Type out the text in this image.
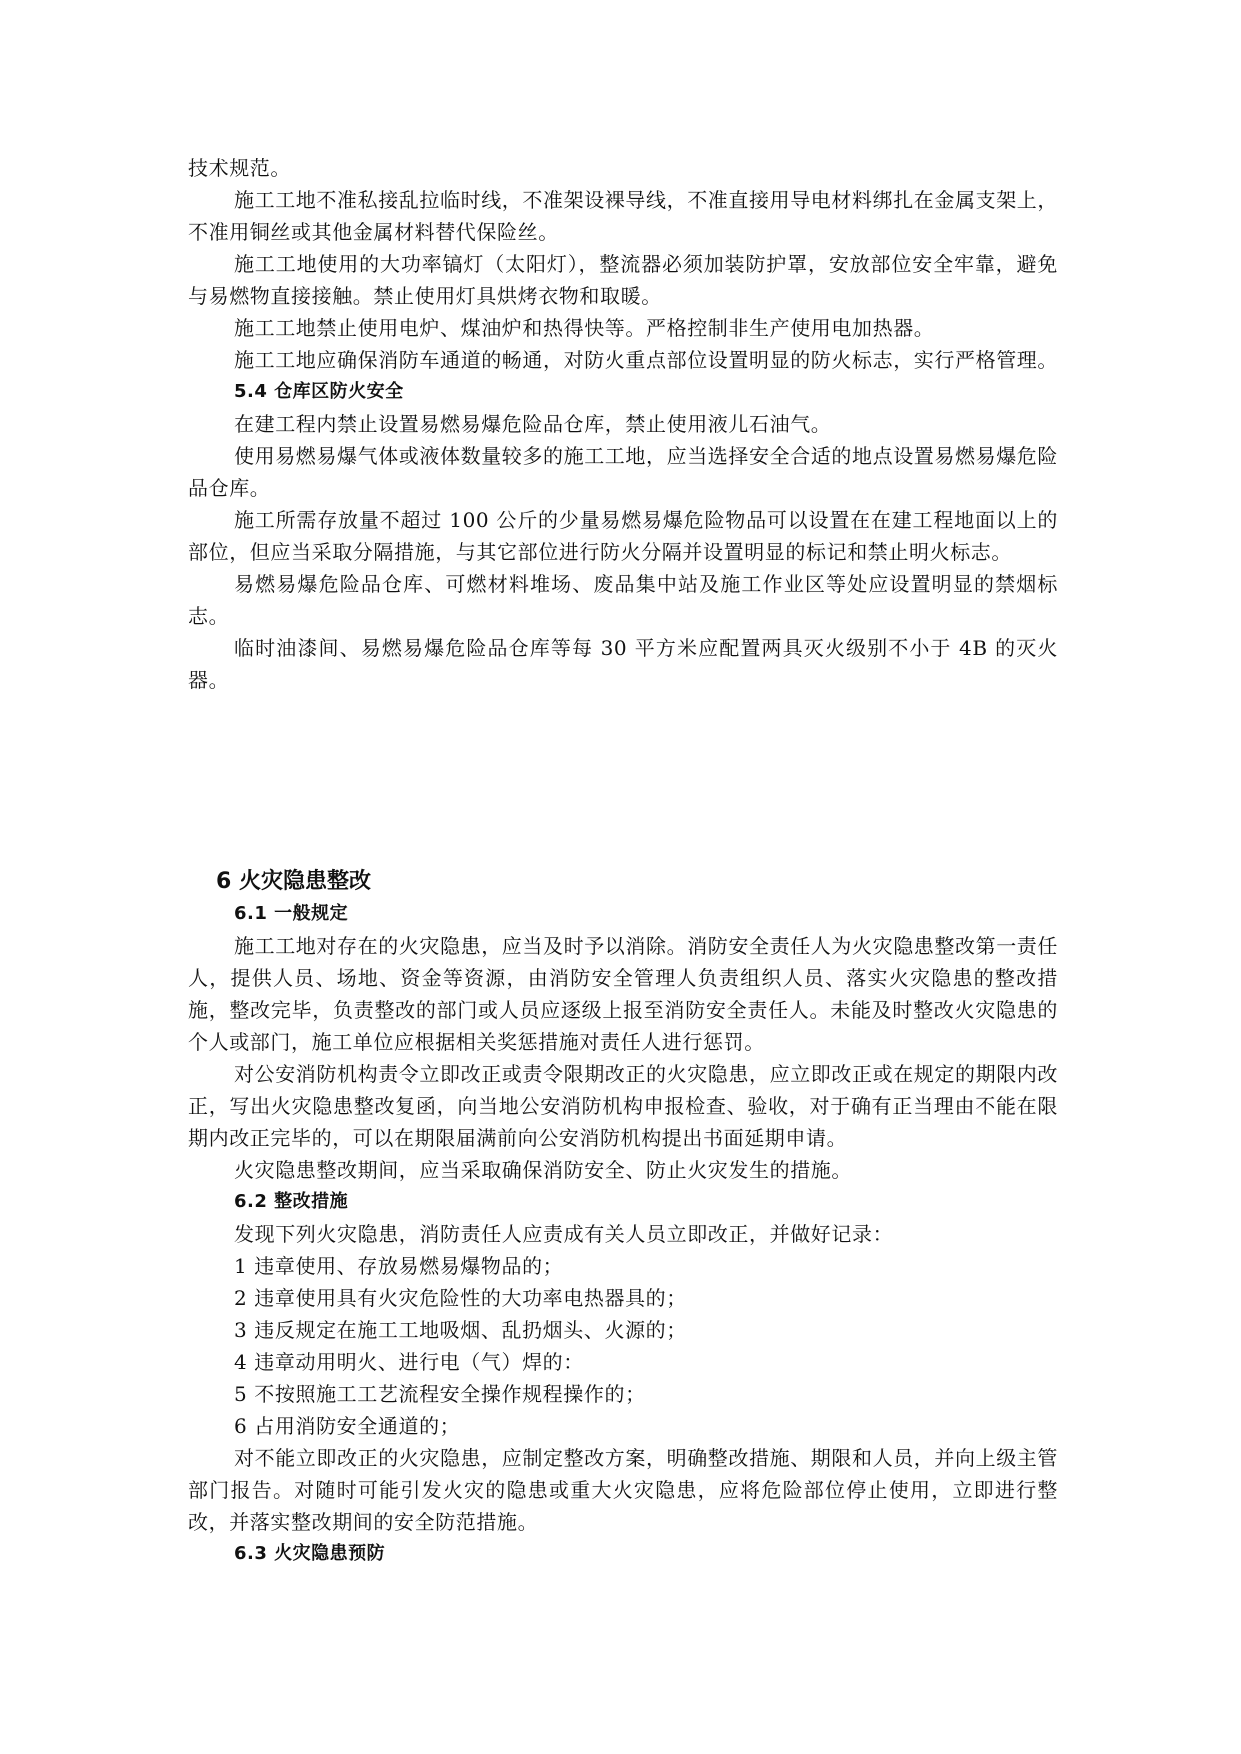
技术规范。

施工工地不准私接乱拉临时线，不准架设裸导线，不准直接用导电材料绑扎在金属支架上，不准用铜丝或其他金属材料替代保险丝。

施工工地使用的大功率镐灯（太阳灯），整流器必须加装防护罩，安放部位安全牢靠，避免与易燃物直接接触。禁止使用灯具烘烤衣物和取暖。

施工工地禁止使用电炉、煤油炉和热得快等。严格控制非生产使用电加热器。

施工工地应确保消防车通道的畅通，对防火重点部位设置明显的防火标志，实行严格管理。

5.4 仓库区防火安全

在建工程内禁止设置易燃易爆危险品仓库，禁止使用液儿石油气。

使用易燃易爆气体或液体数量较多的施工工地，应当选择安全合适的地点设置易燃易爆危险品仓库。

施工所需存放量不超过 100 公斤的少量易燃易爆危险物品可以设置在在建工程地面以上的部位，但应当采取分隔措施，与其它部位进行防火分隔并设置明显的标记和禁止明火标志。

易燃易爆危险品仓库、可燃材料堆场、废品集中站及施工作业区等处应设置明显的禁烟标志。

临时油漆间、易燃易爆危险品仓库等每 30 平方米应配置两具灭火级别不小于 4B 的灭火器。

6 火灾隐患整改
6.1 一般规定

施工工地对存在的火灾隐患，应当及时予以消除。消防安全责任人为火灾隐患整改第一责任人，提供人员、场地、资金等资源，由消防安全管理人负责组织人员、落实火灾隐患的整改措施，整改完毕，负责整改的部门或人员应逐级上报至消防安全责任人。未能及时整改火灾隐患的个人或部门，施工单位应根据相关奖惩措施对责任人进行惩罚。

对公安消防机构责令立即改正或责令限期改正的火灾隐患，应立即改正或在规定的期限内改正，写出火灾隐患整改复函，向当地公安消防机构申报检查、验收，对于确有正当理由不能在限期内改正完毕的，可以在期限届满前向公安消防机构提出书面延期申请。

火灾隐患整改期间，应当采取确保消防安全、防止火灾发生的措施。

6.2 整改措施

发现下列火灾隐患，消防责任人应责成有关人员立即改正，并做好记录：

1 违章使用、存放易燃易爆物品的；

2 违章使用具有火灾危险性的大功率电热器具的；

3 违反规定在施工工地吸烟、乱扔烟头、火源的；

4 违章动用明火、进行电（气）焊的：

5 不按照施工工艺流程安全操作规程操作的；

6 占用消防安全通道的；

对不能立即改正的火灾隐患，应制定整改方案，明确整改措施、期限和人员，并向上级主管部门报告。对随时可能引发火灾的隐患或重大火灾隐患，应将危险部位停止使用，立即进行整改，并落实整改期间的安全防范措施。

6.3 火灾隐患预防
